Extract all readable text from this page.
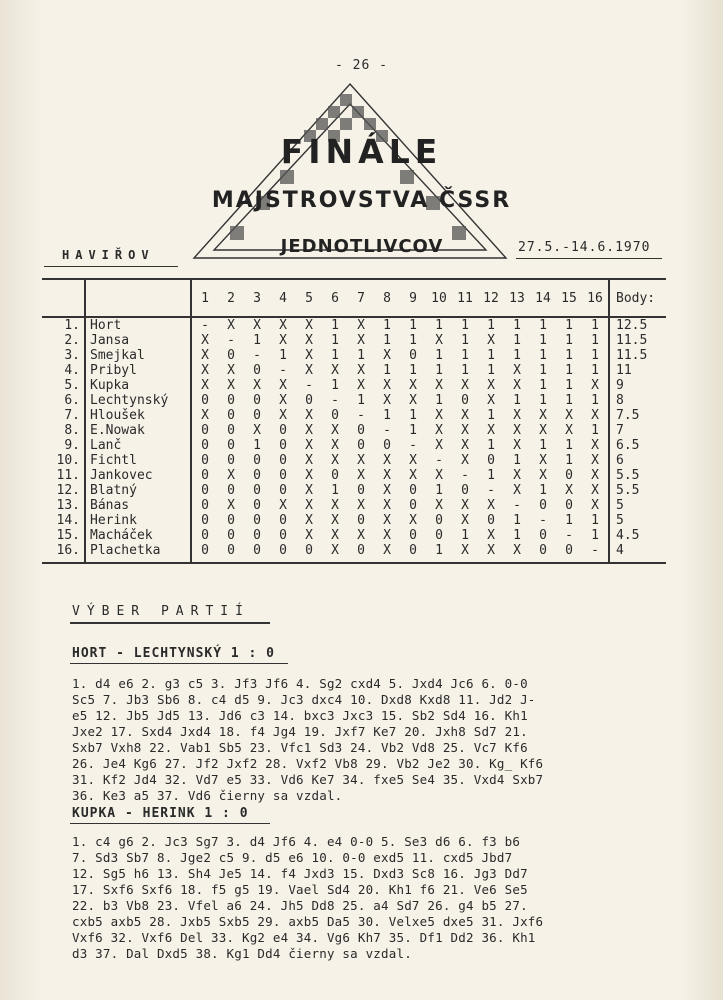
- 26 -
FINÁLE
MAJSTROVSTVA ČSSR
JEDNOTLIVCOV
HAVIŘOV	27.5.-14.6.1970
		1	2	3	4	5	6	7	8	9	10	11	12	13	14	15	16	Body:
1.	Hort	-	X	X	X	X	1	X	1	1	1	1	1	1	1	1	1	12.5
2.	Jansa	X	-	1	X	X	1	X	1	1	X	1	X	1	1	1	1	11.5
3.	Smejkal	X	0	-	1	X	1	1	X	0	1	1	1	1	1	1	1	11.5
4.	Pribyl	X	X	0	-	X	X	X	1	1	1	1	1	X	1	1	1	11
5.	Kupka	X	X	X	X	-	1	X	X	X	X	X	X	X	1	1	X	9
6.	Lechtynský	0	0	0	X	0	-	1	X	X	1	0	X	1	1	1	1	8
7.	Hloušek	X	0	0	X	X	0	-	1	1	X	X	1	X	X	X	X	7.5
8.	E.Nowak	0	0	X	0	X	X	0	-	1	X	X	X	X	X	X	1	7
9.	Lanč	0	0	1	0	X	X	0	0	-	X	X	1	X	1	1	X	6.5
10.	Fichtl	0	0	0	0	X	X	X	X	X	-	X	0	1	X	1	X	6
11.	Jankovec	0	X	0	0	X	0	X	X	X	X	-	1	X	X	0	X	5.5
12.	Blatný	0	0	0	0	X	1	0	X	0	1	0	-	X	1	X	X	5.5
13.	Bánas	0	X	0	X	X	X	X	X	0	X	X	X	-	0	0	X	5
14.	Herink	0	0	0	0	X	X	0	X	X	0	X	0	1	-	1	1	5
15.	Macháček	0	0	0	0	X	X	X	X	0	0	1	X	1	0	-	1	4.5
16.	Plachetka	0	0	0	0	0	X	0	X	0	1	X	X	X	0	0	-	4

VÝBER PARTIÍ
HORT - LECHTYNSKÝ 1 : 0
1. d4 e6 2. g3 c5 3. Jf3 Jf6 4. Sg2 cxd4 5. Jxd4 Jc6 6. 0-0
Sc5 7. Jb3 Sb6 8. c4 d5 9. Jc3 dxc4 10. Dxd8 Kxd8 11. Jd2 J-
e5 12. Jb5 Jd5 13. Jd6 c3 14. bxc3 Jxc3 15. Sb2 Sd4 16. Kh1
Jxe2 17. Sxd4 Jxd4 18. f4 Jg4 19. Jxf7 Ke7 20. Jxh8 Sd7 21.
Sxb7 Vxh8 22. Vab1 Sb5 23. Vfc1 Sd3 24. Vb2 Vd8 25. Vc7 Kf6
26. Je4 Kg6 27. Jf2 Jxf2 28. Vxf2 Vb8 29. Vb2 Je2 30. Kg_ Kf6
31. Kf2 Jd4 32. Vd7 e5 33. Vd6 Ke7 34. fxe5 Se4 35. Vxd4 Sxb7
36. Ke3 a5 37. Vd6 čierny sa vzdal.
KUPKA - HERINK 1 : 0
1. c4 g6 2. Jc3 Sg7 3. d4 Jf6 4. e4 0-0 5. Se3 d6 6. f3 b6
7. Sd3 Sb7 8. Jge2 c5 9. d5 e6 10. 0-0 exd5 11. cxd5 Jbd7
12. Sg5 h6 13. Sh4 Je5 14. f4 Jxd3 15. Dxd3 Sc8 16. Jg3 Dd7
17. Sxf6 Sxf6 18. f5 g5 19. Vael Sd4 20. Kh1 f6 21. Ve6 Se5
22. b3 Vb8 23. Vfel a6 24. Jh5 Dd8 25. a4 Sd7 26. g4 b5 27.
cxb5 axb5 28. Jxb5 Sxb5 29. axb5 Da5 30. Velxe5 dxe5 31. Jxf6
Vxf6 32. Vxf6 Del 33. Kg2 e4 34. Vg6 Kh7 35. Df1 Dd2 36. Kh1
d3 37. Dal Dxd5 38. Kg1 Dd4 čierny sa vzdal.
